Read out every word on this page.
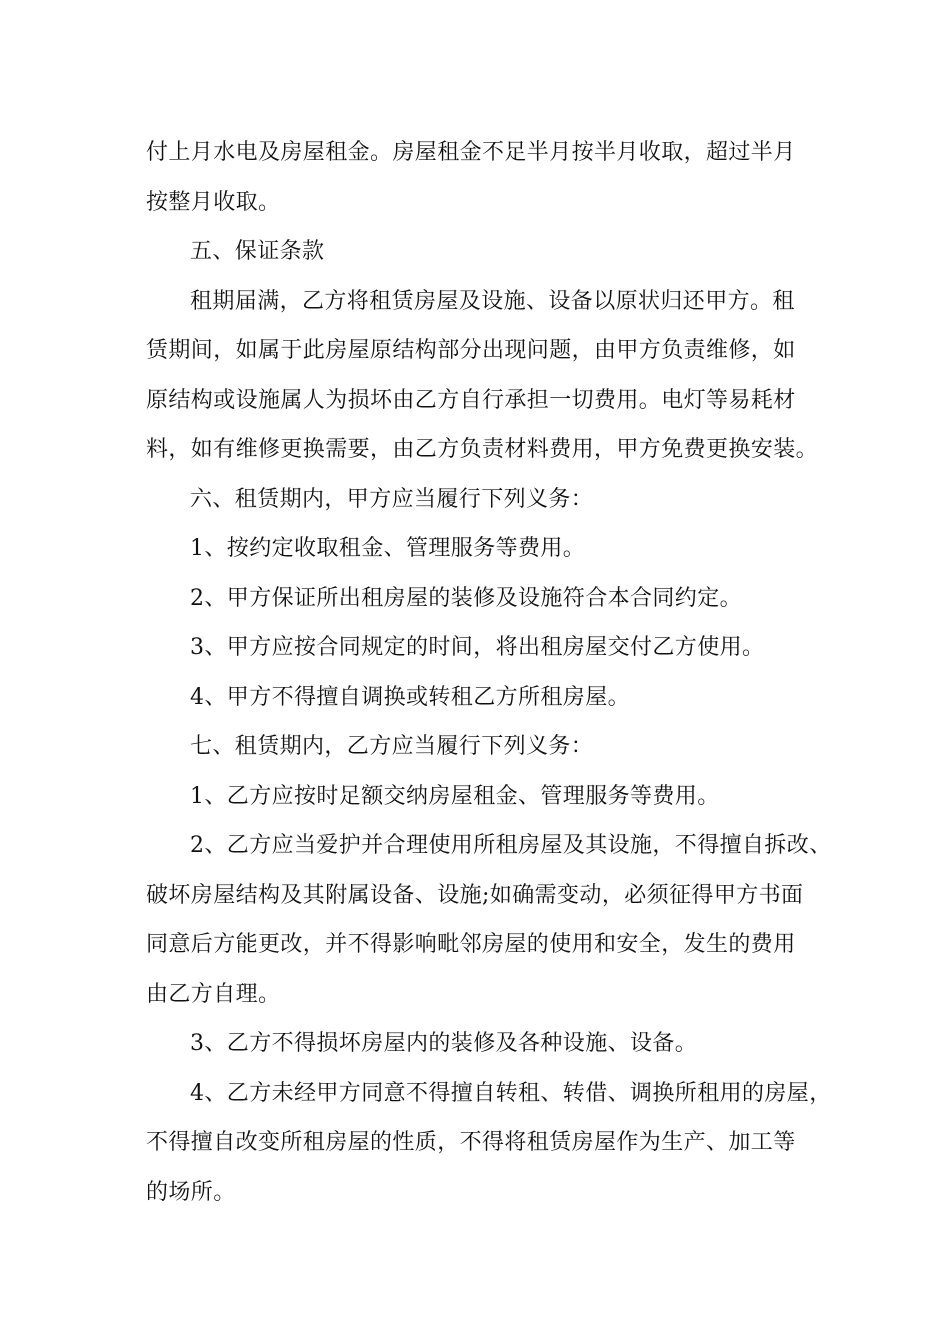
付上月水电及房屋租金。房屋租金不足半月按半月收取，超过半月

按整月收取。

五、保证条款

租期届满，乙方将租赁房屋及设施、设备以原状归还甲方。租

赁期间，如属于此房屋原结构部分出现问题，由甲方负责维修，如

原结构或设施属人为损坏由乙方自行承担一切费用。电灯等易耗材

料，如有维修更换需要，由乙方负责材料费用，甲方免费更换安装。

六、租赁期内，甲方应当履行下列义务：

1、按约定收取租金、管理服务等费用。

2、甲方保证所出租房屋的装修及设施符合本合同约定。

3、甲方应按合同规定的时间，将出租房屋交付乙方使用。

4、甲方不得擅自调换或转租乙方所租房屋。

七、租赁期内，乙方应当履行下列义务：

1、乙方应按时足额交纳房屋租金、管理服务等费用。

2、乙方应当爱护并合理使用所租房屋及其设施，不得擅自拆改、

破坏房屋结构及其附属设备、设施;如确需变动，必须征得甲方书面

同意后方能更改，并不得影响毗邻房屋的使用和安全，发生的费用

由乙方自理。

3、乙方不得损坏房屋内的装修及各种设施、设备。

4、乙方未经甲方同意不得擅自转租、转借、调换所租用的房屋，

不得擅自改变所租房屋的性质，不得将租赁房屋作为生产、加工等

的场所。
